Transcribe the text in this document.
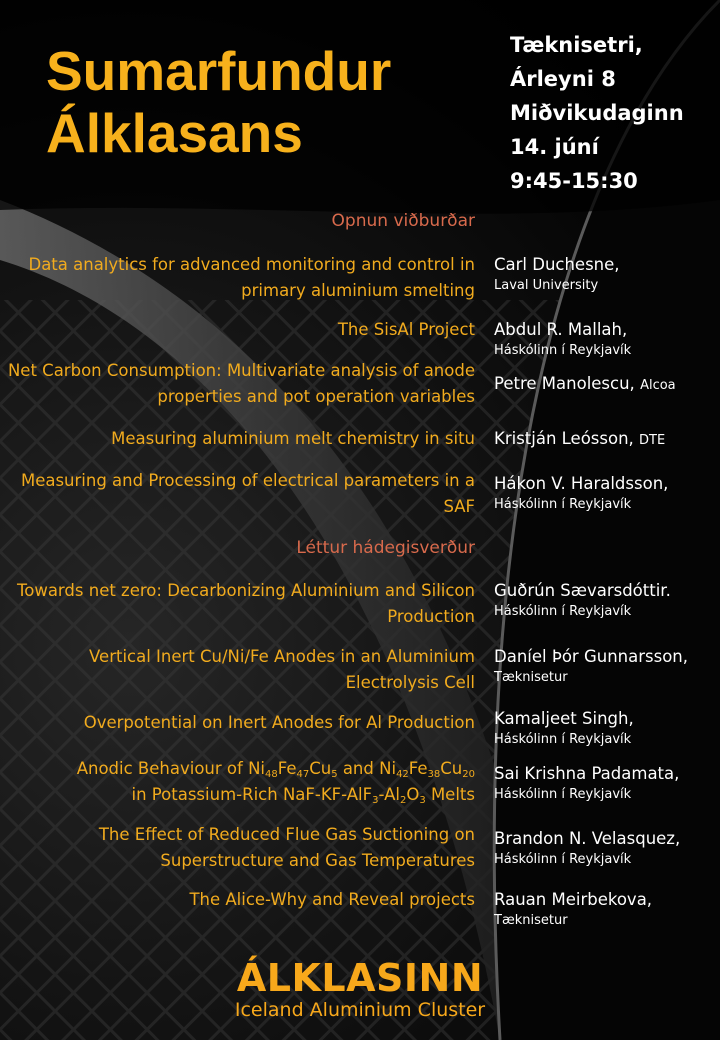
Sumarfundur
Álklasans
Tæknisetri,
Árleyni 8
Miðvikudaginn
14. júní
9:45-15:30
Opnun viðburðar
Data analytics for advanced monitoring and control in primary aluminium smelting
Carl Duchesne,
Laval University
The SisAl Project Abdul R. Mallah,
Háskólinn í Reykjavík
Net Carbon Consumption: Multivariate analysis of anode properties and pot operation variables
Petre Manolescu, Alcoa
Measuring aluminium melt chemistry in situ Kristján Leósson, DTE
Measuring and Processing of electrical parameters in a SAF
Hákon V. Haraldsson,
Háskólinn í Reykjavík
Léttur hádegisverður
Towards net zero: Decarbonizing Aluminium and Silicon Production
Guðrún Sævarsdóttir.
Háskólinn í Reykjavík
Vertical Inert Cu/Ni/Fe Anodes in an Aluminium Electrolysis Cell
Daníel Þór Gunnarsson,
Tæknisetur
Overpotential on Inert Anodes for Al Production Kamaljeet Singh,
Háskólinn í Reykjavík
Anodic Behaviour of $Ni_{48}Fe_{47}Cu_5$ and $Ni_{42}Fe_{38}Cu_{20}$
in Potassium-Rich NaF-$KF-AlF_3-Al_2O_3$ Melts
Sai Krishna Padamata,
Háskólinn í Reykjavík
The Effect of Reduced Flue Gas Suctioning on Superstructure and Gas Temperatures
Brandon N. Velasquez,
Háskólinn í Reykjavík
The Alice-Why and Reveal projects Rauan Meirbekova,
Tæknisetur
ÁLKLASINN
Iceland Aluminium Cluster
